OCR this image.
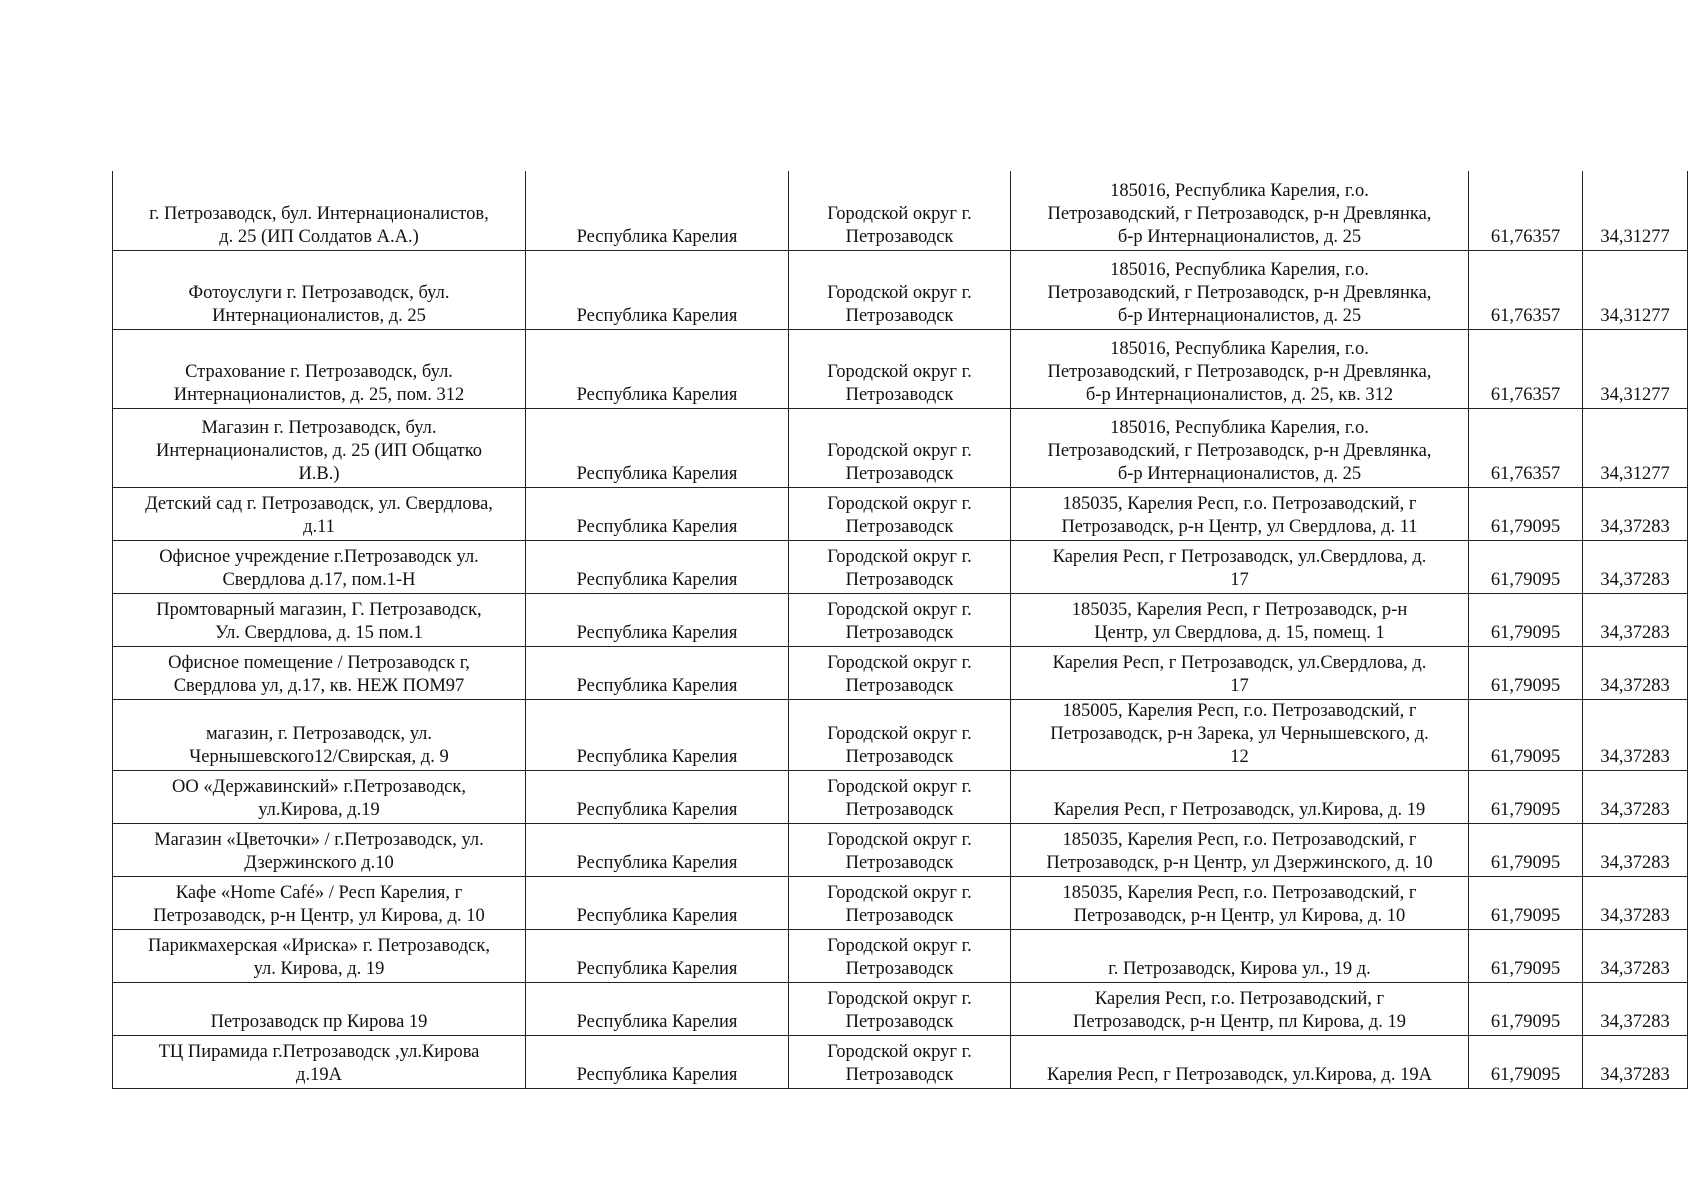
г. Петрозаводск, бул. Интернационалистов,
д. 25 (ИП Солдатов А.А.)	Республика Карелия	Городской округ г.
Петрозаводск	185016, Республика Карелия, г.о.
Петрозаводский, г Петрозаводск, р-н Древлянка,
б-р Интернационалистов, д. 25	61,76357	34,31277

Фотоуслуги г. Петрозаводск, бул.
Интернационалистов, д. 25	Республика Карелия	Городской округ г.
Петрозаводск	185016, Республика Карелия, г.о.
Петрозаводский, г Петрозаводск, р-н Древлянка,
б-р Интернационалистов, д. 25	61,76357	34,31277

Страхование г. Петрозаводск, бул.
Интернационалистов, д. 25, пом. 312	Республика Карелия	Городской округ г.
Петрозаводск	185016, Республика Карелия, г.о.
Петрозаводский, г Петрозаводск, р-н Древлянка,
б-р Интернационалистов, д. 25, кв. 312	61,76357	34,31277

Магазин г. Петрозаводск, бул.
Интернационалистов, д. 25 (ИП Общатко
И.В.)	Республика Карелия	Городской округ г.
Петрозаводск	185016, Республика Карелия, г.о.
Петрозаводский, г Петрозаводск, р-н Древлянка,
б-р Интернационалистов, д. 25	61,76357	34,31277

Детский сад г. Петрозаводск, ул. Свердлова,
д.11	Республика Карелия	Городской округ г.
Петрозаводск	185035, Карелия Респ, г.о. Петрозаводский, г
Петрозаводск, р-н Центр, ул Свердлова, д. 11	61,79095	34,37283

Офисное учреждение г.Петрозаводск ул.
Свердлова д.17, пом.1-Н	Республика Карелия	Городской округ г.
Петрозаводск	Карелия Респ, г Петрозаводск, ул.Свердлова, д.
17	61,79095	34,37283

Промтоварный магазин, Г. Петрозаводск,
Ул. Свердлова, д. 15 пом.1	Республика Карелия	Городской округ г.
Петрозаводск	185035, Карелия Респ, г Петрозаводск, р-н
Центр, ул Свердлова, д. 15, помещ. 1	61,79095	34,37283

Офисное помещение / Петрозаводск г,
Свердлова ул, д.17, кв. НЕЖ ПОМ97	Республика Карелия	Городской округ г.
Петрозаводск	Карелия Респ, г Петрозаводск, ул.Свердлова, д.
17	61,79095	34,37283

магазин, г. Петрозаводск, ул.
Чернышевского12/Свирская, д. 9	Республика Карелия	Городской округ г.
Петрозаводск	185005, Карелия Респ, г.о. Петрозаводский, г
Петрозаводск, р-н Зарека, ул Чернышевского, д.
12	61,79095	34,37283

ОО «Державинский» г.Петрозаводск,
ул.Кирова, д.19	Республика Карелия	Городской округ г.
Петрозаводск	Карелия Респ, г Петрозаводск, ул.Кирова, д. 19	61,79095	34,37283

Магазин «Цветочки» / г.Петрозаводск, ул.
Дзержинского д.10	Республика Карелия	Городской округ г.
Петрозаводск	185035, Карелия Респ, г.о. Петрозаводский, г
Петрозаводск, р-н Центр, ул Дзержинского, д. 10	61,79095	34,37283

Кафе «Home Café» / Респ Карелия, г
Петрозаводск, р-н Центр, ул Кирова, д. 10	Республика Карелия	Городской округ г.
Петрозаводск	185035, Карелия Респ, г.о. Петрозаводский, г
Петрозаводск, р-н Центр, ул Кирова, д. 10	61,79095	34,37283

Парикмахерская «Ириска» г. Петрозаводск,
ул. Кирова, д. 19	Республика Карелия	Городской округ г.
Петрозаводск	г. Петрозаводск, Кирова ул., 19 д.	61,79095	34,37283

Петрозаводск пр Кирова 19	Республика Карелия	Городской округ г.
Петрозаводск	Карелия Респ, г.о. Петрозаводский, г
Петрозаводск, р-н Центр, пл Кирова, д. 19	61,79095	34,37283

ТЦ Пирамида г.Петрозаводск ,ул.Кирова
д.19А	Республика Карелия	Городской округ г.
Петрозаводск	Карелия Респ, г Петрозаводск, ул.Кирова, д. 19А	61,79095	34,37283
